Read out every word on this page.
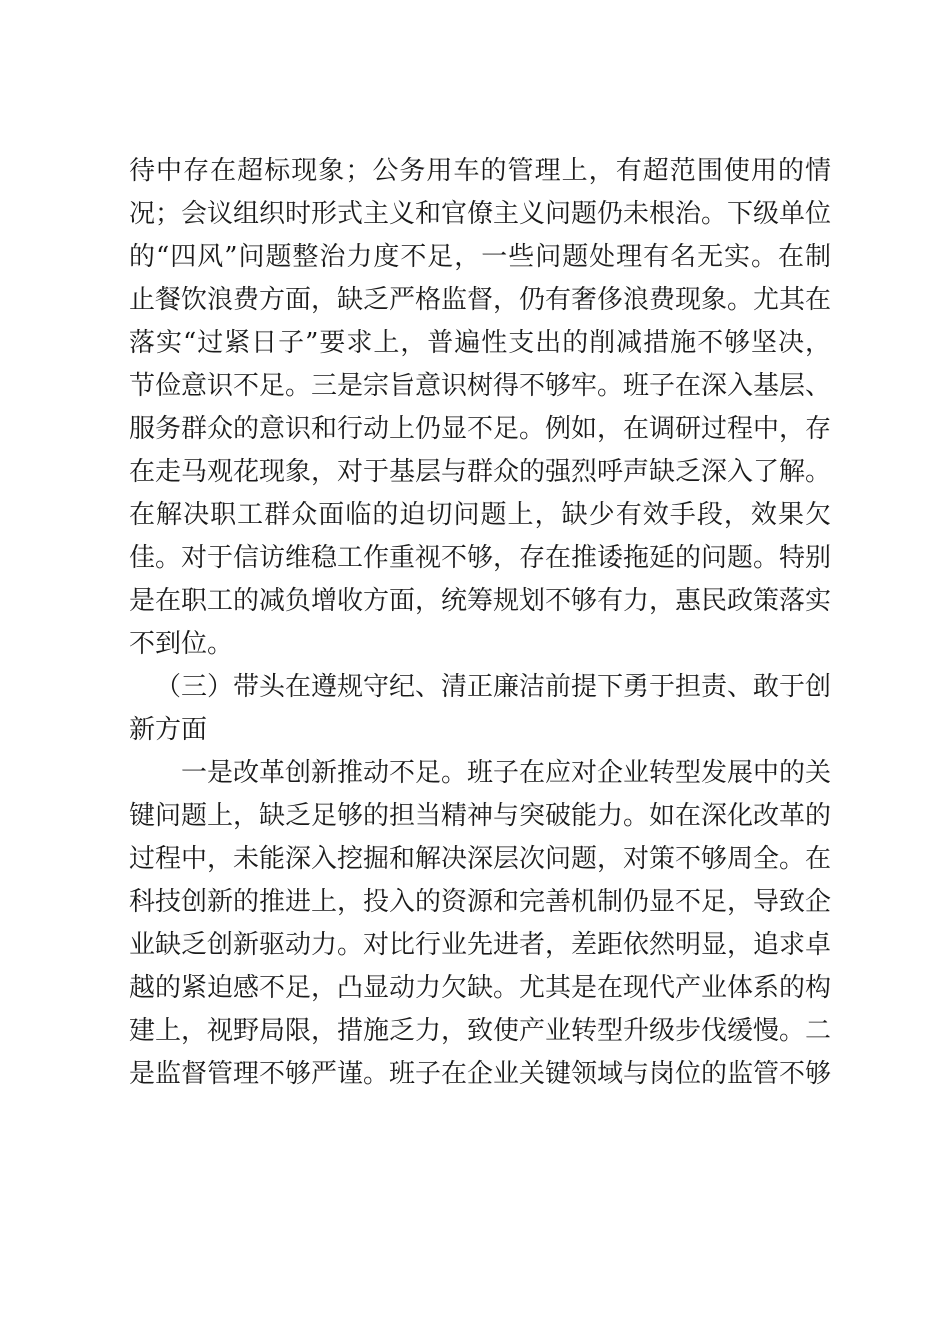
待中存在超标现象；公务用车的管理上，有超范围使用的情况；会议组织时形式主义和官僚主义问题仍未根治。下级单位的“四风”问题整治力度不足，一些问题处理有名无实。在制止餐饮浪费方面，缺乏严格监督，仍有奢侈浪费现象。尤其在落实“过紧日子”要求上，普遍性支出的削减措施不够坚决，节俭意识不足。三是宗旨意识树得不够牢。班子在深入基层、服务群众的意识和行动上仍显不足。例如，在调研过程中，存在走马观花现象，对于基层与群众的强烈呼声缺乏深入了解。在解决职工群众面临的迫切问题上，缺少有效手段，效果欠佳。对于信访维稳工作重视不够，存在推诿拖延的问题。特别是在职工的减负增收方面，统筹规划不够有力，惠民政策落实不到位。

（三）带头在遵规守纪、清正廉洁前提下勇于担责、敢于创新方面

一是改革创新推动不足。班子在应对企业转型发展中的关键问题上，缺乏足够的担当精神与突破能力。如在深化改革的过程中，未能深入挖掘和解决深层次问题，对策不够周全。在科技创新的推进上，投入的资源和完善机制仍显不足，导致企业缺乏创新驱动力。对比行业先进者，差距依然明显，追求卓越的紧迫感不足，凸显动力欠缺。尤其是在现代产业体系的构建上，视野局限，措施乏力，致使产业转型升级步伐缓慢。二是监督管理不够严谨。班子在企业关键领域与岗位的监管不够
